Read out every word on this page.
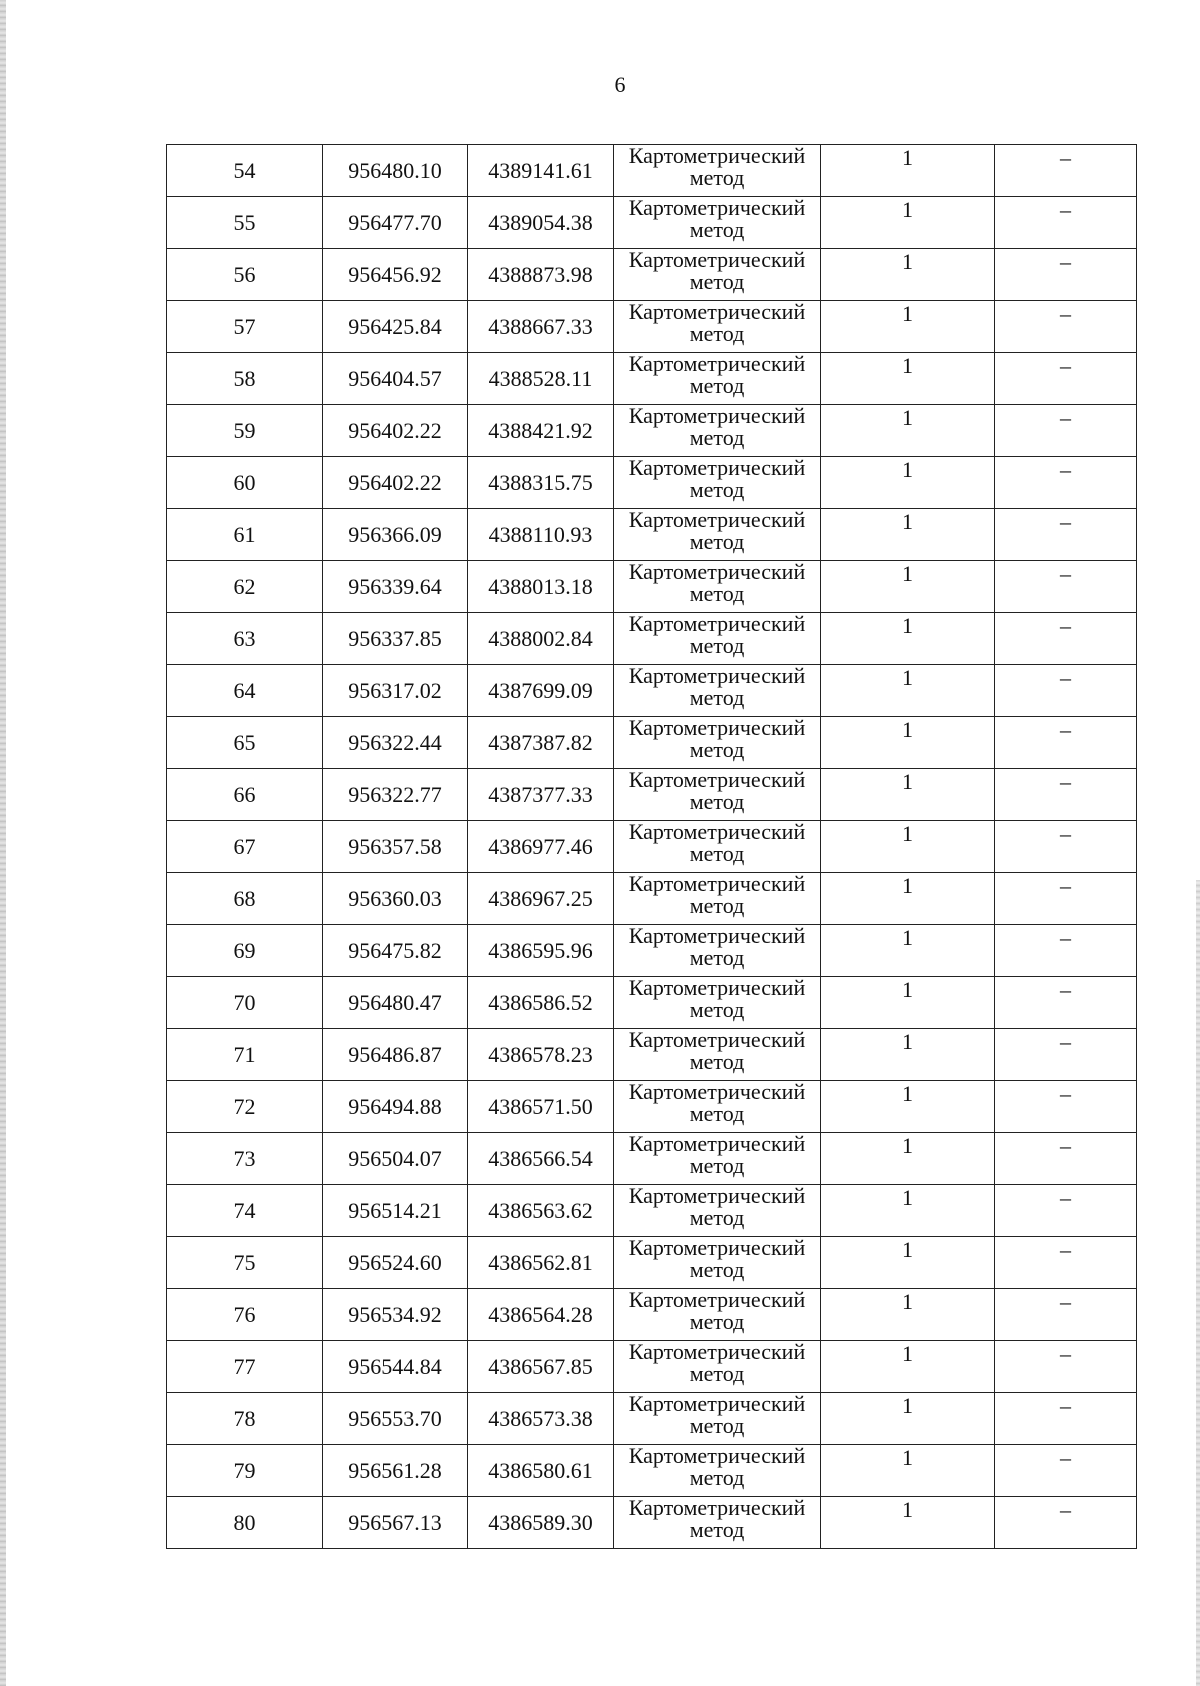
6
54	956480.10	4389141.61	Картометрический метод	1	–
55	956477.70	4389054.38	Картометрический метод	1	–
56	956456.92	4388873.98	Картометрический метод	1	–
57	956425.84	4388667.33	Картометрический метод	1	–
58	956404.57	4388528.11	Картометрический метод	1	–
59	956402.22	4388421.92	Картометрический метод	1	–
60	956402.22	4388315.75	Картометрический метод	1	–
61	956366.09	4388110.93	Картометрический метод	1	–
62	956339.64	4388013.18	Картометрический метод	1	–
63	956337.85	4388002.84	Картометрический метод	1	–
64	956317.02	4387699.09	Картометрический метод	1	–
65	956322.44	4387387.82	Картометрический метод	1	–
66	956322.77	4387377.33	Картометрический метод	1	–
67	956357.58	4386977.46	Картометрический метод	1	–
68	956360.03	4386967.25	Картометрический метод	1	–
69	956475.82	4386595.96	Картометрический метод	1	–
70	956480.47	4386586.52	Картометрический метод	1	–
71	956486.87	4386578.23	Картометрический метод	1	–
72	956494.88	4386571.50	Картометрический метод	1	–
73	956504.07	4386566.54	Картометрический метод	1	–
74	956514.21	4386563.62	Картометрический метод	1	–
75	956524.60	4386562.81	Картометрический метод	1	–
76	956534.92	4386564.28	Картометрический метод	1	–
77	956544.84	4386567.85	Картометрический метод	1	–
78	956553.70	4386573.38	Картометрический метод	1	–
79	956561.28	4386580.61	Картометрический метод	1	–
80	956567.13	4386589.30	Картометрический метод	1	–
